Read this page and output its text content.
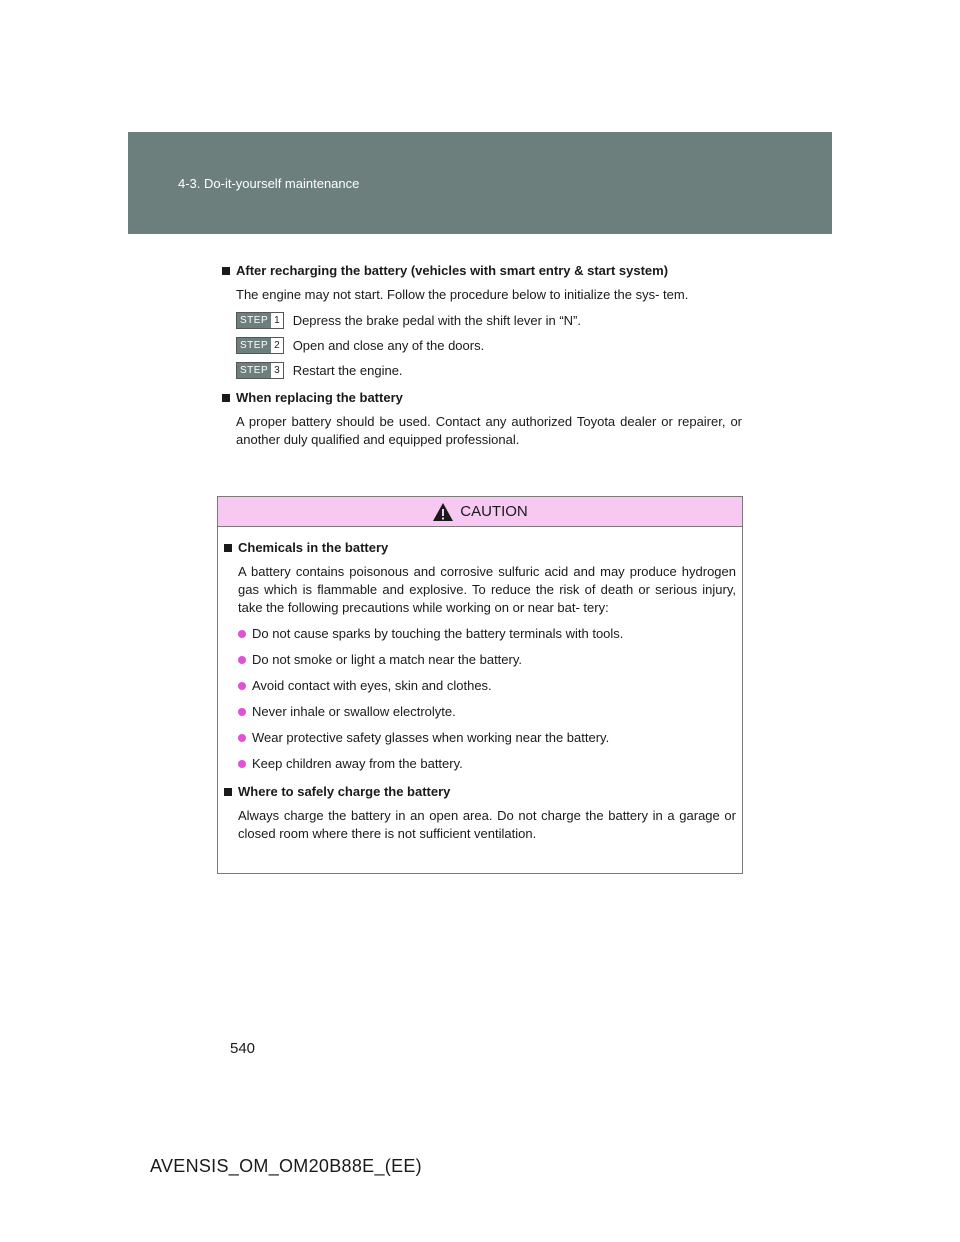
4-3. Do-it-yourself maintenance
After recharging the battery (vehicles with smart entry & start system)
The engine may not start. Follow the procedure below to initialize the sys- tem.
STEP 1 Depress the brake pedal with the shift lever in “N”.
STEP 2 Open and close any of the doors.
STEP 3 Restart the engine.
When replacing the battery
A proper battery should be used. Contact any authorized Toyota dealer or repairer, or another duly qualified and equipped professional.
CAUTION
Chemicals in the battery
A battery contains poisonous and corrosive sulfuric acid and may produce hydrogen gas which is flammable and explosive. To reduce the risk of death or serious injury, take the following precautions while working on or near bat- tery:
Do not cause sparks by touching the battery terminals with tools.
Do not smoke or light a match near the battery.
Avoid contact with eyes, skin and clothes.
Never inhale or swallow electrolyte.
Wear protective safety glasses when working near the battery.
Keep children away from the battery.
Where to safely charge the battery
Always charge the battery in an open area. Do not charge the battery in a garage or closed room where there is not sufficient ventilation.
540
AVENSIS_OM_OM20B88E_(EE)
